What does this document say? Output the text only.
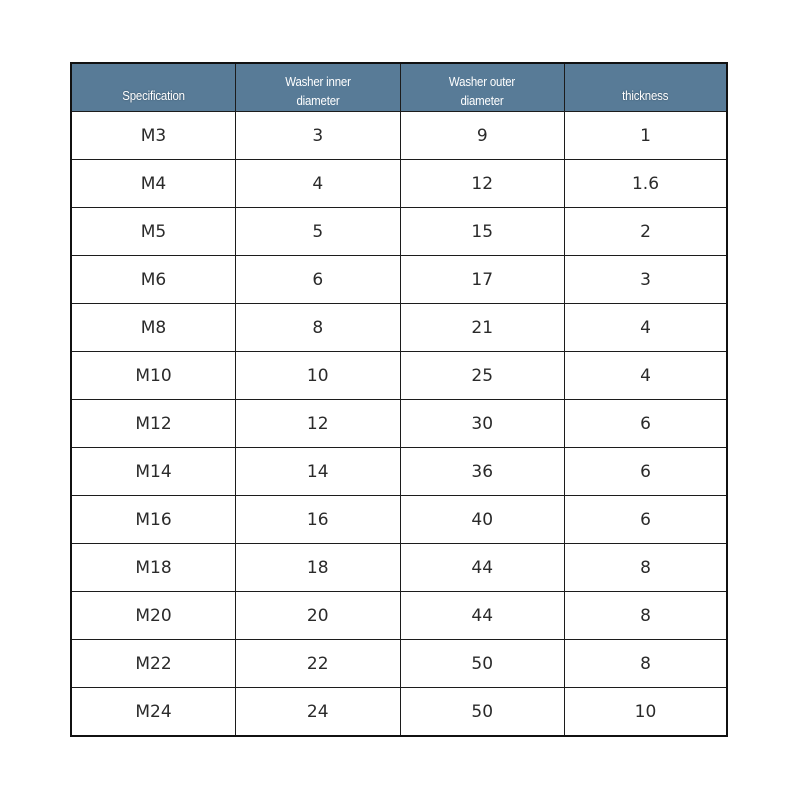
Specification	Washer inner diameter	Washer outer diameter	thickness
M3	3	9	1
M4	4	12	1.6
M5	5	15	2
M6	6	17	3
M8	8	21	4
M10	10	25	4
M12	12	30	6
M14	14	36	6
M16	16	40	6
M18	18	44	8
M20	20	44	8
M22	22	50	8
M24	24	50	10
